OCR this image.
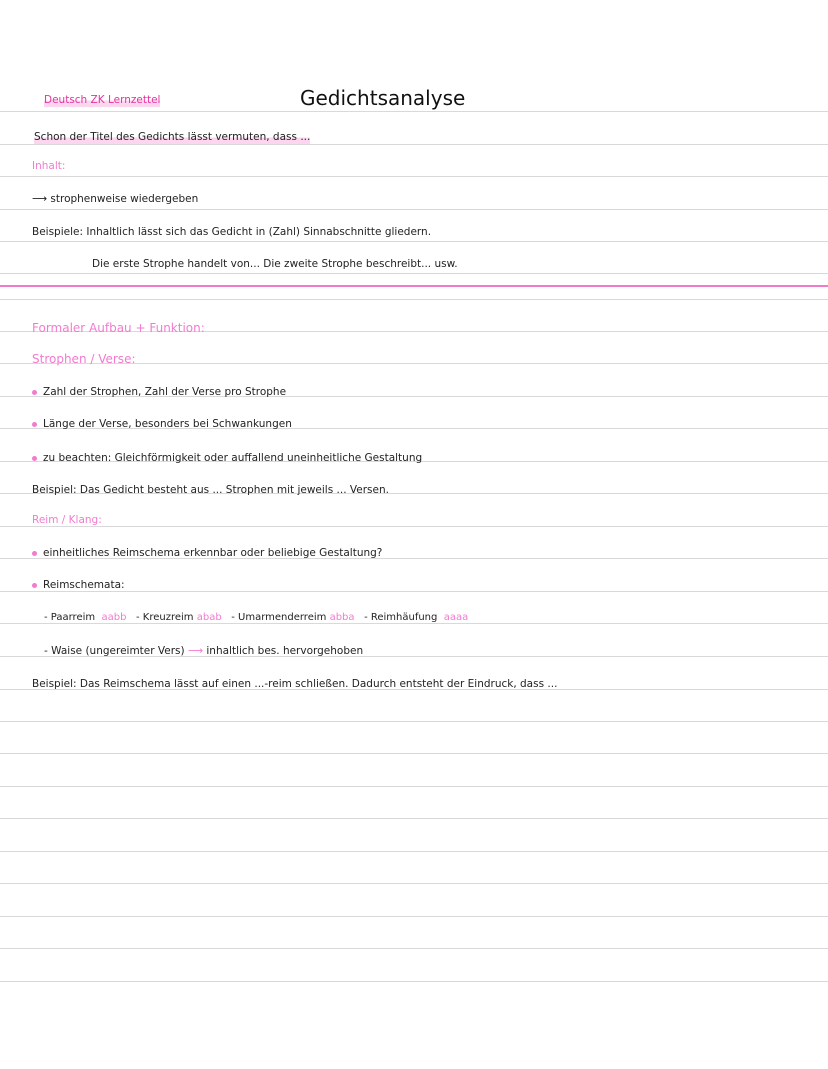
Deutsch ZK Lernzettel	Gedichtsanalyse
Schon der Titel des Gedichts lässt vermuten, dass ...
Inhalt:
⟶ strophenweise wiedergeben
Beispiele: Inhaltlich lässt sich das Gedicht in (Zahl) Sinnabschnitte gliedern.
Die erste Strophe handelt von... Die zweite Strophe beschreibt... usw.
Formaler Aufbau + Funktion:
Strophen / Verse:
Zahl der Strophen, Zahl der Verse pro Strophe
Länge der Verse, besonders bei Schwankungen
zu beachten: Gleichförmigkeit oder auffallend uneinheitliche Gestaltung
Beispiel: Das Gedicht besteht aus ... Strophen mit jeweils ... Versen.
Reim / Klang:
einheitliches Reimschema erkennbar oder beliebige Gestaltung?
Reimschemata:
- Paarreim aabb - Kreuzreim abab - Umarmenderreim abba - Reimhäufung aaaa
- Waise (ungereimter Vers) ⟶ inhaltlich bes. hervorgehoben
Beispiel: Das Reimschema lässt auf einen ...-reim schließen. Dadurch entsteht der Eindruck, dass ...
